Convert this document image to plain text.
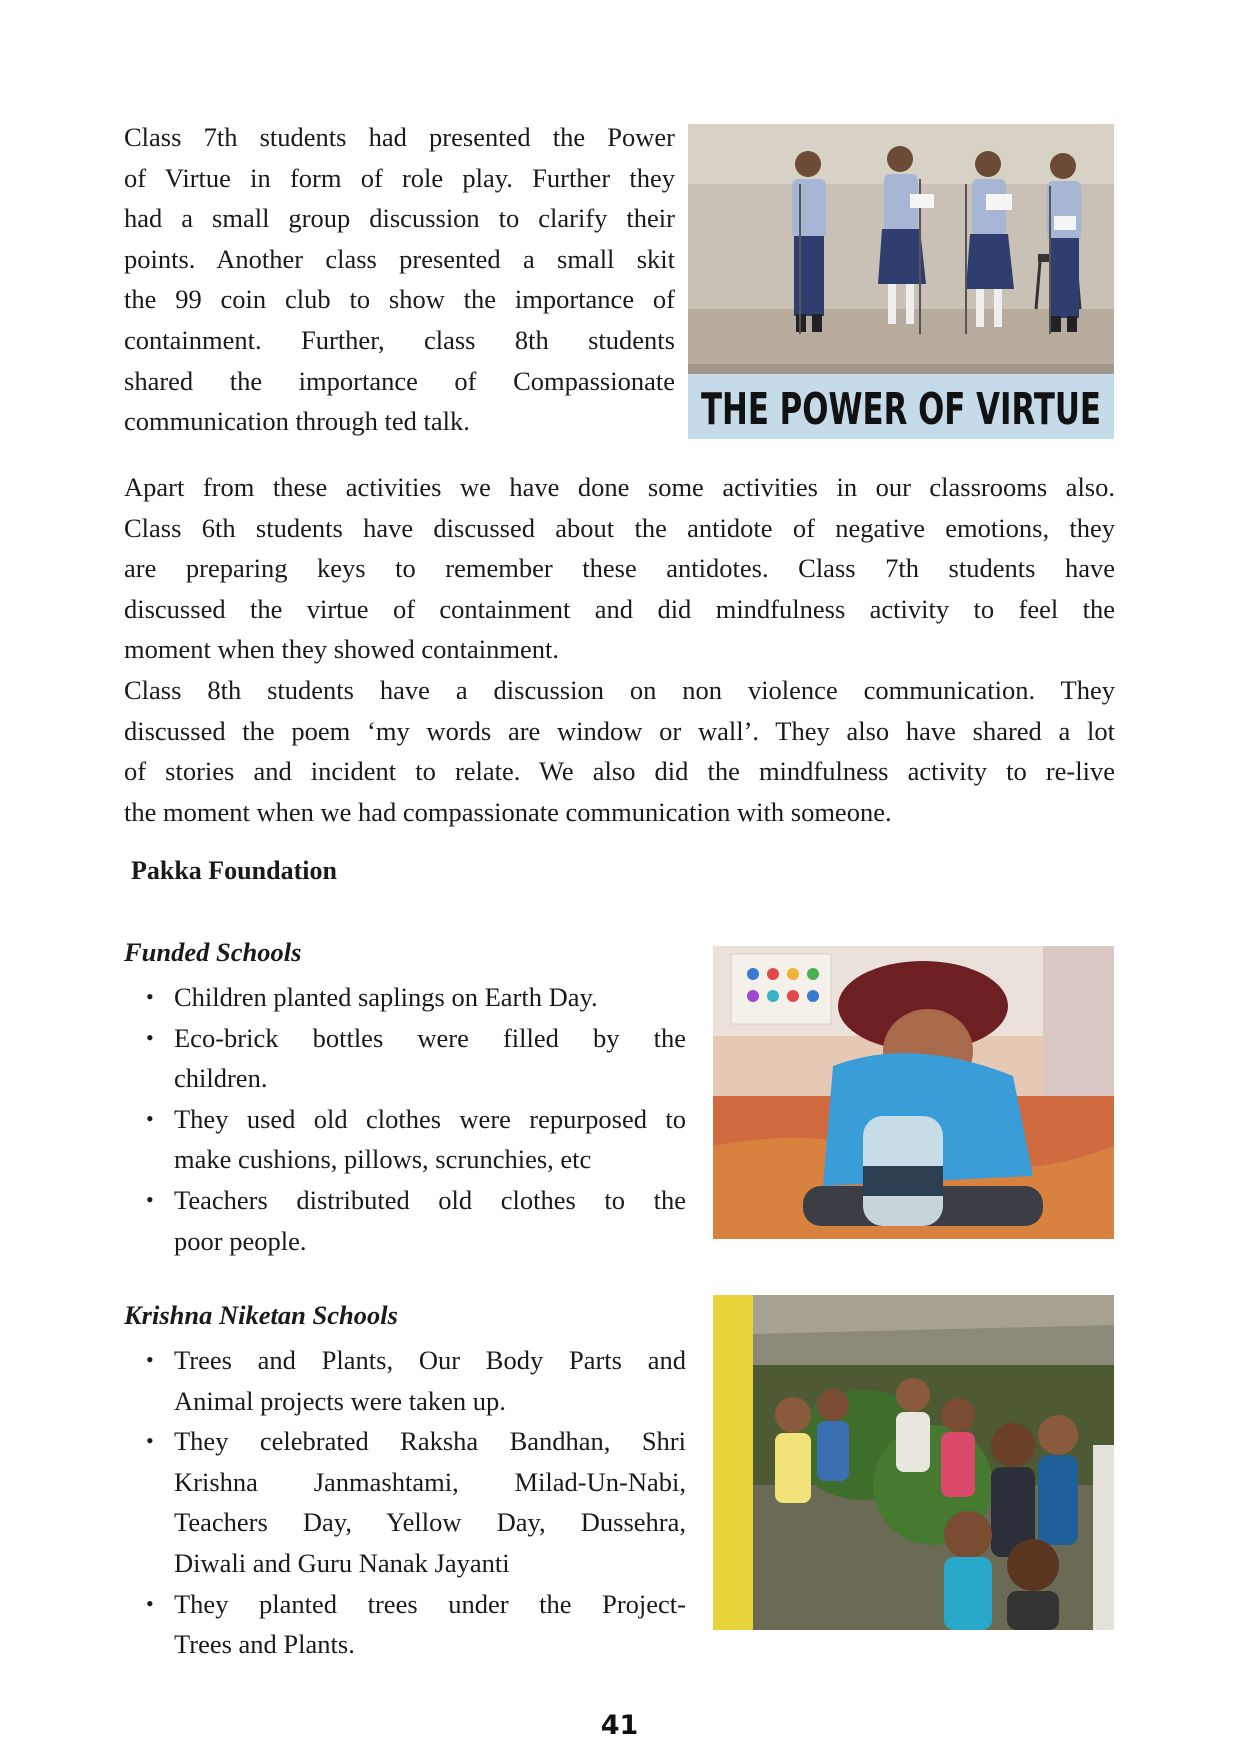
Class 7th students had presented the Power
of Virtue in form of role play. Further they
had a small group discussion to clarify their
points. Another class presented a small skit
the 99 coin club to show the importance of
containment. Further, class 8th students
shared the importance of Compassionate
communication through ted talk.	THE POWER OF VIRTUE
Apart from these activities we have done some activities in our classrooms also.
Class 6th students have discussed about the antidote of negative emotions, they
are preparing keys to remember these antidotes. Class 7th students have
discussed the virtue of containment and did mindfulness activity to feel the
moment when they showed containment.
Class 8th students have a discussion on non violence communication. They
discussed the poem ‘my words are window or wall’. They also have shared a lot
of stories and incident to relate. We also did the mindfulness activity to re-live
the moment when we had compassionate communication with someone.
Pakka Foundation
Funded Schools
• Children planted saplings on Earth Day.
• Eco-brick bottles were filled by the
children.
• They used old clothes were repurposed to
make cushions, pillows, scrunchies, etc
• Teachers distributed old clothes to the
poor people.
Krishna Niketan Schools
• Trees and Plants, Our Body Parts and
Animal projects were taken up.
• They celebrated Raksha Bandhan, Shri
Krishna Janmashtami, Milad-Un-Nabi,
Teachers Day, Yellow Day, Dussehra,
Diwali and Guru Nanak Jayanti
• They planted trees under the Project-
Trees and Plants.
41
